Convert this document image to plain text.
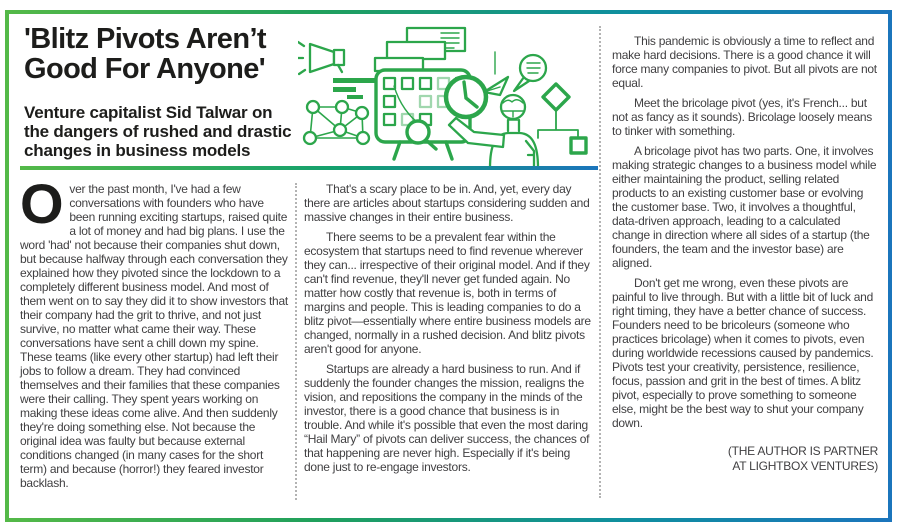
'Blitz Pivots Aren’t
Good For Anyone'
Venture capitalist Sid Talwar on the dangers of rushed and drastic changes in business models

Over the past month, I've had a few conversations with founders who have been running exciting startups, raised quite a lot of money and had big plans. I use the word 'had' not because their companies shut down, but because halfway through each conversation they explained how they pivoted since the lockdown to a completely different business model. And most of them went on to say they did it to show investors that their company had the grit to thrive, and not just survive, no matter what came their way. These conversations have sent a chill down my spine. These teams (like every other startup) had left their jobs to follow a dream. They had convinced themselves and their families that these companies were their calling. They spent years working on making these ideas come alive. And then suddenly they're doing something else. Not because the original idea was faulty but because external conditions changed (in many cases for the short term) and because (horror!) they feared investor backlash.

That's a scary place to be in. And, yet, every day there are articles about startups considering sudden and massive changes in their entire business.

There seems to be a prevalent fear within the ecosystem that startups need to find revenue wherever they can... irrespective of their original model. And if they can't find revenue, they'll never get funded again. No matter how costly that revenue is, both in terms of margins and people. This is leading companies to do a blitz pivot—essentially where entire business models are changed, normally in a rushed decision. And blitz pivots aren't good for anyone.

Startups are already a hard business to run. And if suddenly the founder changes the mission, realigns the vision, and repositions the company in the minds of the investor, there is a good chance that business is in trouble. And while it's possible that even the most daring “Hail Mary” of pivots can deliver success, the chances of that happening are never high. Especially if it's being done just to re-engage investors.

This pandemic is obviously a time to reflect and make hard decisions. There is a good chance it will force many companies to pivot. But all pivots are not equal.

Meet the bricolage pivot (yes, it's French... but not as fancy as it sounds). Bricolage loosely means to tinker with something.

A bricolage pivot has two parts. One, it involves making strategic changes to a business model while either maintaining the product, selling related products to an existing customer base or evolving the customer base. Two, it involves a thoughtful, data-driven approach, leading to a calculated change in direction where all sides of a startup (the founders, the team and the investor base) are aligned.

Don't get me wrong, even these pivots are painful to live through. But with a little bit of luck and right timing, they have a better chance of success. Founders need to be bricoleurs (someone who practices bricolage) when it comes to pivots, even during worldwide recessions caused by pandemics. Pivots test your creativity, persistence, resilience, focus, passion and grit in the best of times. A blitz pivot, especially to prove something to someone else, might be the best way to shut your company down.

(THE AUTHOR IS PARTNER
AT LIGHTBOX VENTURES)
